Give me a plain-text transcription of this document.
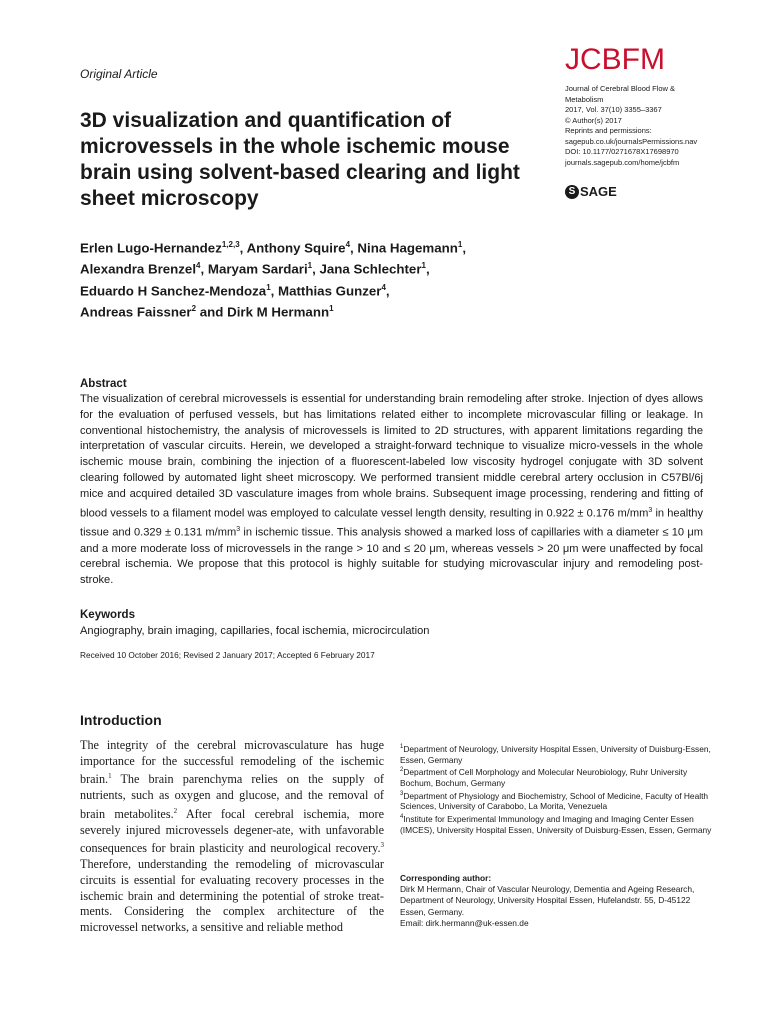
Original Article	JCBFM
Journal of Cerebral Blood Flow &
Metabolism
2017, Vol. 37(10) 3355–3367
© Author(s) 2017
Reprints and permissions:
sagepub.co.uk/journalsPermissions.nav
DOI: 10.1177/0271678X17698970
journals.sagepub.com/home/jcbfm
S SAGE
3D visualization and quantification of microvessels in the whole ischemic mouse brain using solvent-based clearing and light sheet microscopy
Erlen Lugo-Hernandez$^{1,2,3}$, Anthony Squire$^4$, Nina Hagemann$^1$,
Alexandra Brenzel$^4$, Maryam Sardari$^1$, Jana Schlechter$^1$,
Eduardo H Sanchez-Mendoza$^1$, Matthias Gunzer$^4$,
Andreas Faissner$^2$ and Dirk M Hermann$^1$
Abstract
The visualization of cerebral microvessels is essential for understanding brain remodeling after stroke. Injection of dyes allows for the evaluation of perfused vessels, but has limitations related either to incomplete microvascular filling or leakage. In conventional histochemistry, the analysis of microvessels is limited to 2D structures, with apparent limitations regarding the interpretation of vascular circuits. Herein, we developed a straight-forward technique to visualize micro-vessels in the whole ischemic mouse brain, combining the injection of a fluorescent-labeled low viscosity hydrogel conjugate with 3D solvent clearing followed by automated light sheet microscopy. We performed transient middle cerebral artery occlusion in C57Bl/6j mice and acquired detailed 3D vasculature images from whole brains. Subsequent image processing, rendering and fitting of blood vessels to a filament model was employed to calculate vessel length density, resulting in 0.922 ± 0.176 $m/mm^3$ in healthy tissue and 0.329 ± 0.131 $m/mm^3$ in ischemic tissue. This analysis showed a marked loss of capillaries with a diameter ≤ 10 μm and a more moderate loss of microvessels in the range > 10 and ≤ 20 μm, whereas vessels > 20 μm were unaffected by focal cerebral ischemia. We propose that this protocol is highly suitable for studying microvascular injury and remodeling post-stroke.
Keywords
Angiography, brain imaging, capillaries, focal ischemia, microcirculation
Received 10 October 2016; Revised 2 January 2017; Accepted 6 February 2017
Introduction
The integrity of the cerebral microvasculature has huge importance for the successful remodeling of the ischemic brain.$^1$ The brain parenchyma relies on the supply of nutrients, such as oxygen and glucose, and the removal of brain metabolites.$^2$ After focal cerebral ischemia, more severely injured microvessels degener-ate, with unfavorable consequences for brain plasticity and neurological recovery.$^3$ Therefore, understanding the remodeling of microvascular circuits is essential for evaluating recovery processes in the ischemic brain and determining the potential of stroke treat-ments. Considering the complex architecture of the microvessel networks, a sensitive and reliable method

$^1$Department of Neurology, University Hospital Essen, University of Duisburg-Essen, Essen, Germany

$^2$Department of Cell Morphology and Molecular Neurobiology, Ruhr University Bochum, Bochum, Germany

$^3$Department of Physiology and Biochemistry, School of Medicine, Faculty of Health Sciences, University of Carabobo, La Morita, Venezuela

$^4$Institute for Experimental Immunology and Imaging and Imaging Center Essen (IMCES), University Hospital Essen, University of Duisburg-Essen, Essen, Germany

Corresponding author:
Dirk M Hermann, Chair of Vascular Neurology, Dementia and Ageing Research, Department of Neurology, University Hospital Essen, Hufelandstr. 55, D-45122 Essen, Germany.
Email: dirk.hermann@uk-essen.de
